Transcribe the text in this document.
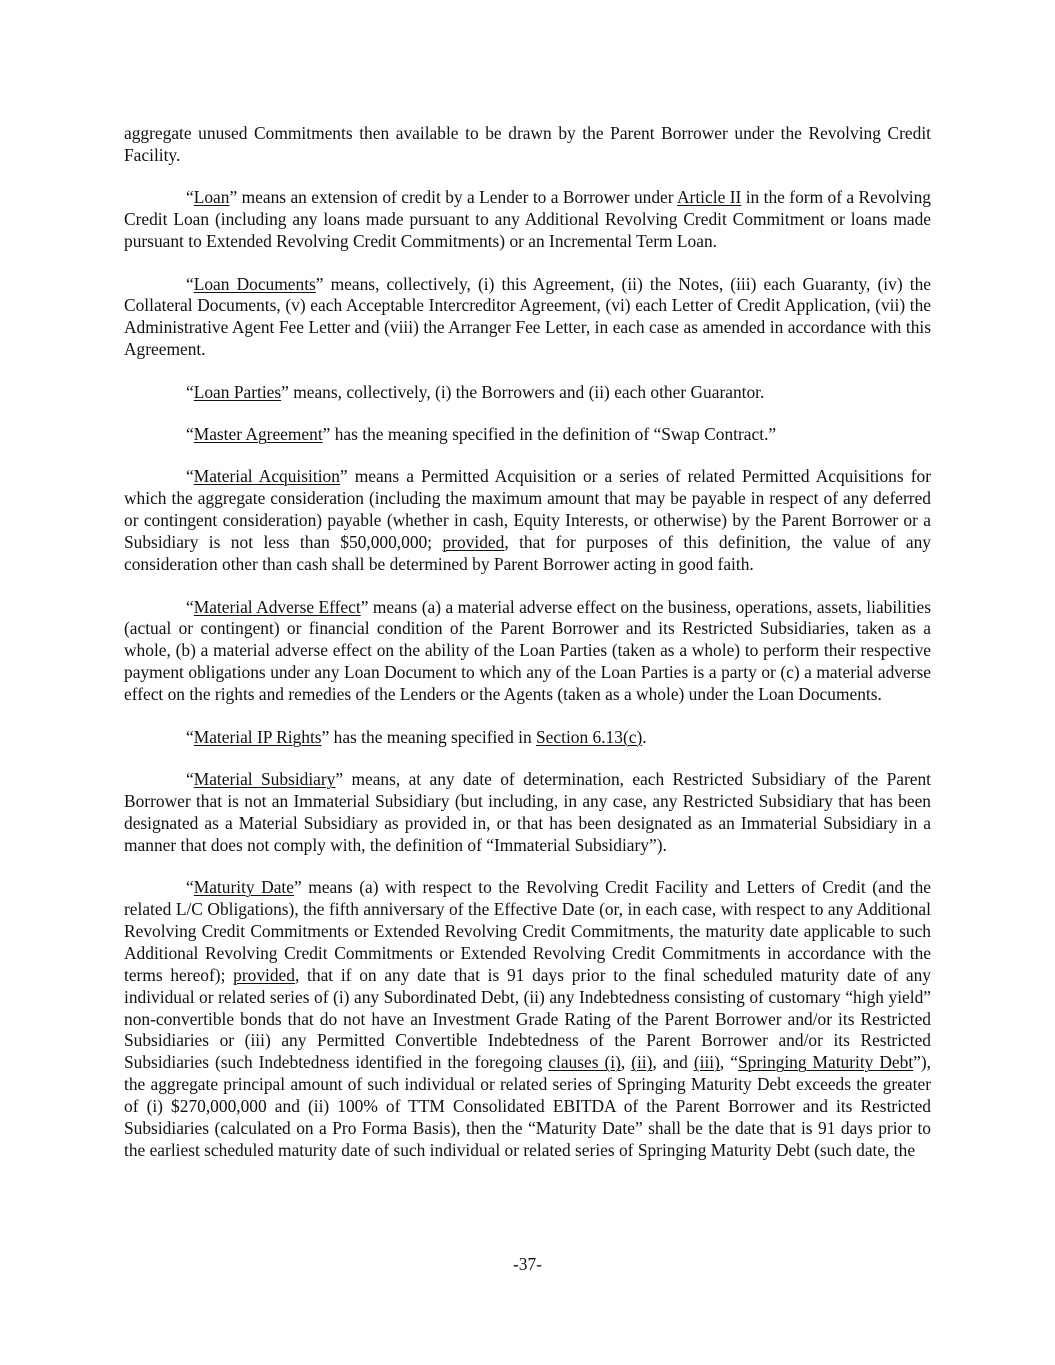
aggregate unused Commitments then available to be drawn by the Parent Borrower under the Revolving Credit Facility.

“Loan” means an extension of credit by a Lender to a Borrower under Article II in the form of a Revolving Credit Loan (including any loans made pursuant to any Additional Revolving Credit Commitment or loans made pursuant to Extended Revolving Credit Commitments) or an Incremental Term Loan.

“Loan Documents” means, collectively, (i) this Agreement, (ii) the Notes, (iii) each Guaranty, (iv) the Collateral Documents, (v) each Acceptable Intercreditor Agreement, (vi) each Letter of Credit Application, (vii) the Administrative Agent Fee Letter and (viii) the Arranger Fee Letter, in each case as amended in accordance with this Agreement.

“Loan Parties” means, collectively, (i) the Borrowers and (ii) each other Guarantor.

“Master Agreement” has the meaning specified in the definition of “Swap Contract.”

“Material Acquisition” means a Permitted Acquisition or a series of related Permitted Acquisitions for which the aggregate consideration (including the maximum amount that may be payable in respect of any deferred or contingent consideration) payable (whether in cash, Equity Interests, or otherwise) by the Parent Borrower or a Subsidiary is not less than $50,000,000; provided, that for purposes of this definition, the value of any consideration other than cash shall be determined by Parent Borrower acting in good faith.

“Material Adverse Effect” means (a) a material adverse effect on the business, operations, assets, liabilities (actual or contingent) or financial condition of the Parent Borrower and its Restricted Subsidiaries, taken as a whole, (b) a material adverse effect on the ability of the Loan Parties (taken as a whole) to perform their respective payment obligations under any Loan Document to which any of the Loan Parties is a party or (c) a material adverse effect on the rights and remedies of the Lenders or the Agents (taken as a whole) under the Loan Documents.

“Material IP Rights” has the meaning specified in Section 6.13(c).

“Material Subsidiary” means, at any date of determination, each Restricted Subsidiary of the Parent Borrower that is not an Immaterial Subsidiary (but including, in any case, any Restricted Subsidiary that has been designated as a Material Subsidiary as provided in, or that has been designated as an Immaterial Subsidiary in a manner that does not comply with, the definition of “Immaterial Subsidiary”).

“Maturity Date” means (a) with respect to the Revolving Credit Facility and Letters of Credit (and the related L/C Obligations), the fifth anniversary of the Effective Date (or, in each case, with respect to any Additional Revolving Credit Commitments or Extended Revolving Credit Commitments, the maturity date applicable to such Additional Revolving Credit Commitments or Extended Revolving Credit Commitments in accordance with the terms hereof); provided, that if on any date that is 91 days prior to the final scheduled maturity date of any individual or related series of (i) any Subordinated Debt, (ii) any Indebtedness consisting of customary “high yield” non-convertible bonds that do not have an Investment Grade Rating of the Parent Borrower and/or its Restricted Subsidiaries or (iii) any Permitted Convertible Indebtedness of the Parent Borrower and/or its Restricted Subsidiaries (such Indebtedness identified in the foregoing clauses (i), (ii), and (iii), “Springing Maturity Debt”), the aggregate principal amount of such individual or related series of Springing Maturity Debt exceeds the greater of (i) $270,000,000 and (ii) 100% of TTM Consolidated EBITDA of the Parent Borrower and its Restricted Subsidiaries (calculated on a Pro Forma Basis), then the “Maturity Date” shall be the date that is 91 days prior to the earliest scheduled maturity date of such individual or related series of Springing Maturity Debt (such date, the

-37-
